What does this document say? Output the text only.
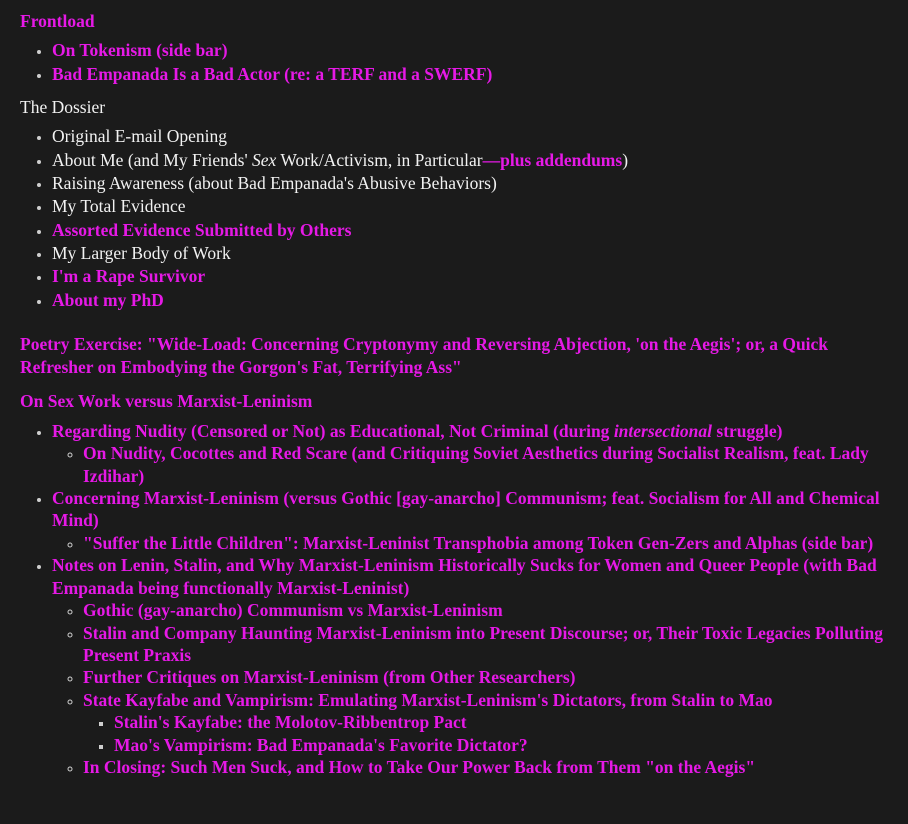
Frontload

• On Tokenism (side bar)
• Bad Empanada Is a Bad Actor (re: a TERF and a SWERF)

The Dossier

• Original E-mail Opening
• About Me (and My Friends' Sex Work/Activism, in Particular—plus addendums)
• Raising Awareness (about Bad Empanada's Abusive Behaviors)
• My Total Evidence
• Assorted Evidence Submitted by Others
• My Larger Body of Work
• I'm a Rape Survivor
• About my PhD

Poetry Exercise: "Wide-Load: Concerning Cryptonymy and Reversing Abjection, 'on the Aegis'; or, a Quick Refresher on Embodying the Gorgon's Fat, Terrifying Ass"

On Sex Work versus Marxist-Leninism

• Regarding Nudity (Censored or Not) as Educational, Not Criminal (during intersectional struggle)
◦ On Nudity, Cocottes and Red Scare (and Critiquing Soviet Aesthetics during Socialist Realism, feat. Lady Izdihar)
• Concerning Marxist-Leninism (versus Gothic [gay-anarcho] Communism; feat. Socialism for All and Chemical Mind)
◦ "Suffer the Little Children": Marxist-Leninist Transphobia among Token Gen-Zers and Alphas (side bar)
• Notes on Lenin, Stalin, and Why Marxist-Leninism Historically Sucks for Women and Queer People (with Bad Empanada being functionally Marxist-Leninist)
◦ Gothic (gay-anarcho) Communism vs Marxist-Leninism
◦ Stalin and Company Haunting Marxist-Leninism into Present Discourse; or, Their Toxic Legacies Polluting Present Praxis
◦ Further Critiques on Marxist-Leninism (from Other Researchers)
◦ State Kayfabe and Vampirism: Emulating Marxist-Leninism's Dictators, from Stalin to Mao
▪ Stalin's Kayfabe: the Molotov-Ribbentrop Pact
▪ Mao's Vampirism: Bad Empanada's Favorite Dictator?
◦ In Closing: Such Men Suck, and How to Take Our Power Back from Them "on the Aegis"
